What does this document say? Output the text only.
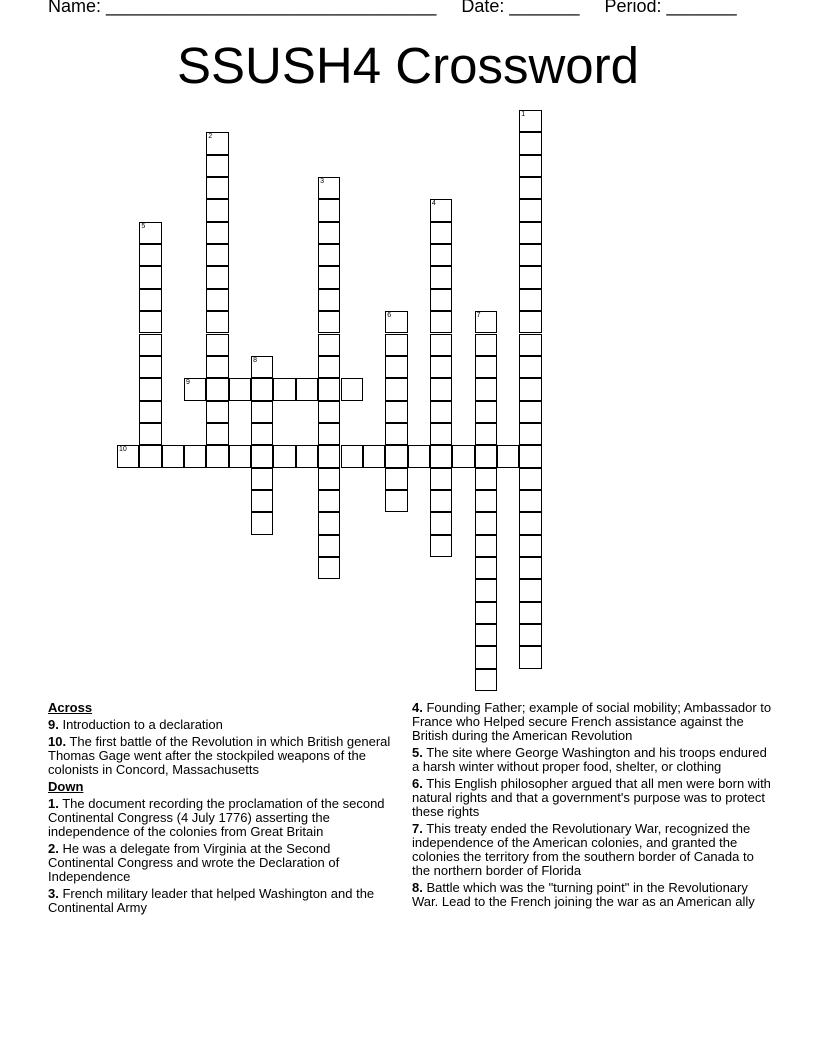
Name: _________________________________     Date: _______     Period: _______
SSUSH4 Crossword
1
2
3
4
5
6	7
8
9
10
Across
9. Introduction to a declaration
10. The first battle of the Revolution in which British general Thomas Gage went after the stockpiled weapons of the colonists in Concord, Massachusetts
Down
1. The document recording the proclamation of the second Continental Congress (4 July 1776) asserting the independence of the colonies from Great Britain
2. He was a delegate from Virginia at the Second Continental Congress and wrote the Declaration of Independence
3. French military leader that helped Washington and the Continental Army
4. Founding Father; example of social mobility; Ambassador to France who Helped secure French assistance against the British during the American Revolution
5. The site where George Washington and his troops endured a harsh winter without proper food, shelter, or clothing
6. This English philosopher argued that all men were born with natural rights and that a government's purpose was to protect these rights
7. This treaty ended the Revolutionary War, recognized the independence of the American colonies, and granted the colonies the territory from the southern border of Canada to the northern border of Florida
8. Battle which was the "turning point" in the Revolutionary War. Lead to the French joining the war as an American ally
